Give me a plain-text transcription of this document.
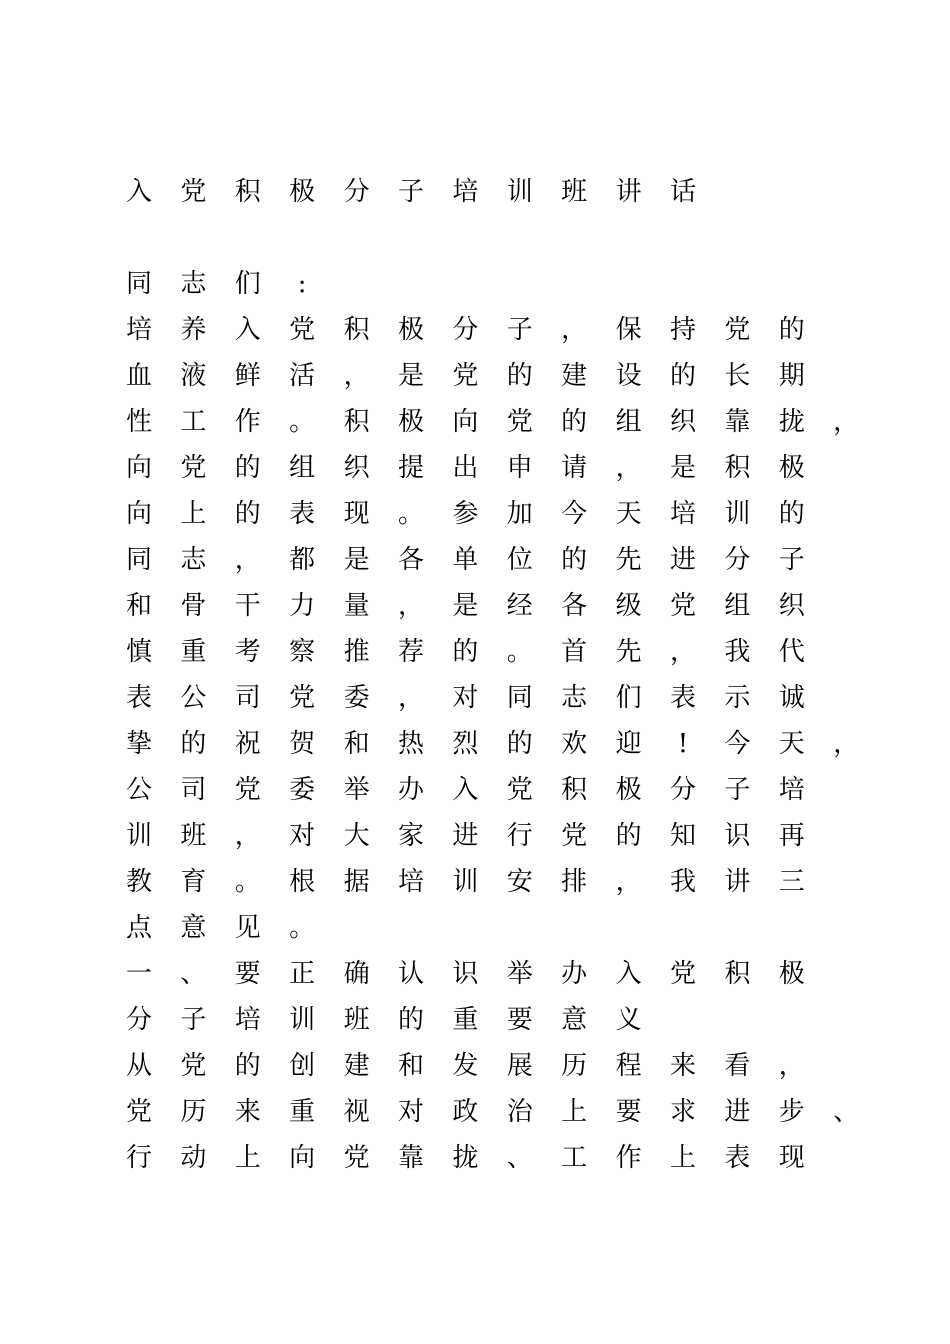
入 党 积 极 分 子 培 训 班 讲 话
同 志 们	:
培 养 入 党 积 极 分 子 ， 保 持 党 的
血 液 鲜 活 ， 是 党 的 建 设 的 长 期
性 工 作 。 积 极 向 党 的 组 织 靠 拢 ，
向 党 的 组 织 提 出 申 请 ， 是 积 极
向 上 的 表 现 。 参 加 今 天 培 训 的
同 志 ， 都 是 各 单 位 的 先 进 分 子
和 骨 干 力 量 ， 是 经 各 级 党 组 织
慎 重 考 察 推 荐 的 。 首 先 ， 我 代
表 公 司 党 委 ， 对 同 志 们 表 示 诚
挚 的 祝 贺 和 热 烈 的 欢 迎	!	今 天 ，
公 司 党 委 举 办 入 党 积 极 分 子 培
训 班 ， 对 大 家 进 行 党 的 知 识 再
教 育 。 根 据 培 训 安 排 ， 我 讲 三
点 意 见 。
一 、 要 正 确 认 识 举 办 入 党 积 极
分 子 培 训 班 的 重 要 意 义
从 党 的 创 建 和 发 展 历 程 来 看 ，
党 历 来 重 视 对 政 治 上 要 求 进 步 、
行 动 上 向 党 靠 拢 、 工 作 上 表 现
